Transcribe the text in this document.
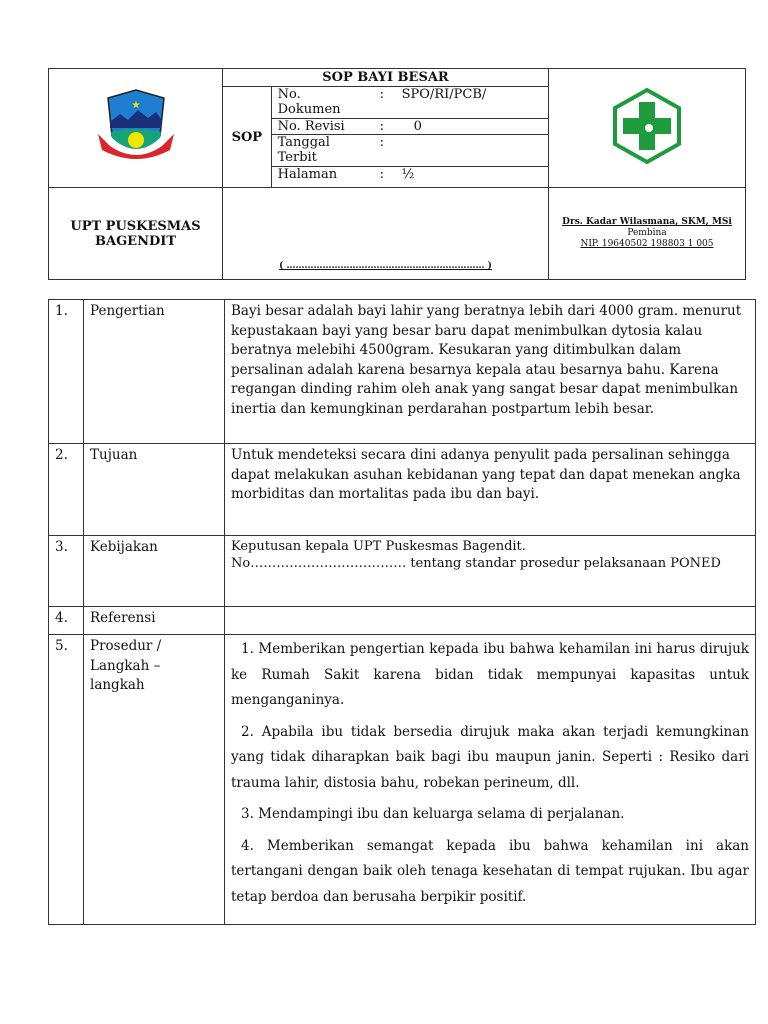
★

SOP BAYI BESAR
SOP
No. Dokumen	:	SPO/RI/PCB/
No. Revisi	:	0
Tanggal Terbit	:	
Halaman	:	½

UPT PUSKESMAS BAGENDIT	( ………………………………………………………… )	
Drs. Kadar Wilasmana, SKM, MSi
Pembina
NIP. 19640502 198803 1 005
1.	Pengertian	Bayi besar adalah bayi lahir yang beratnya lebih dari 4000 gram. menurut kepustakaan bayi yang besar baru dapat menimbulkan dytosia kalau beratnya melebihi 4500gram. Kesukaran yang ditimbulkan dalam persalinan adalah karena besarnya kepala atau besarnya bahu. Karena regangan dinding rahim oleh anak yang sangat besar dapat menimbulkan inertia dan kemungkinan perdarahan postpartum lebih besar.
2.	Tujuan	Untuk mendeteksi secara dini adanya penyulit pada persalinan sehingga dapat melakukan asuhan kebidanan yang tepat dan dapat menekan angka morbiditas dan mortalitas pada ibu dan bayi.
3.	Kebijakan	Keputusan kepala UPT Puskesmas Bagendit.
No……………………………… tentang standar prosedur pelaksanaan PONED

4.	Referensi	
5.	Prosedur / Langkah – langkah	1. Memberikan pengertian kepada ibu bahwa kehamilan ini harus dirujuk ke Rumah Sakit karena bidan tidak mempunyai kapasitas untuk menganganinya.

2. Apabila ibu tidak bersedia dirujuk maka akan terjadi kemungkinan yang tidak diharapkan baik bagi ibu maupun janin. Seperti : Resiko dari trauma lahir, distosia bahu, robekan perineum, dll.

3. Mendampingi ibu dan keluarga selama di perjalanan.

4. Memberikan semangat kepada ibu bahwa kehamilan ini akan tertangani dengan baik oleh tenaga kesehatan di tempat rujukan. Ibu agar tetap berdoa dan berusaha berpikir positif.
